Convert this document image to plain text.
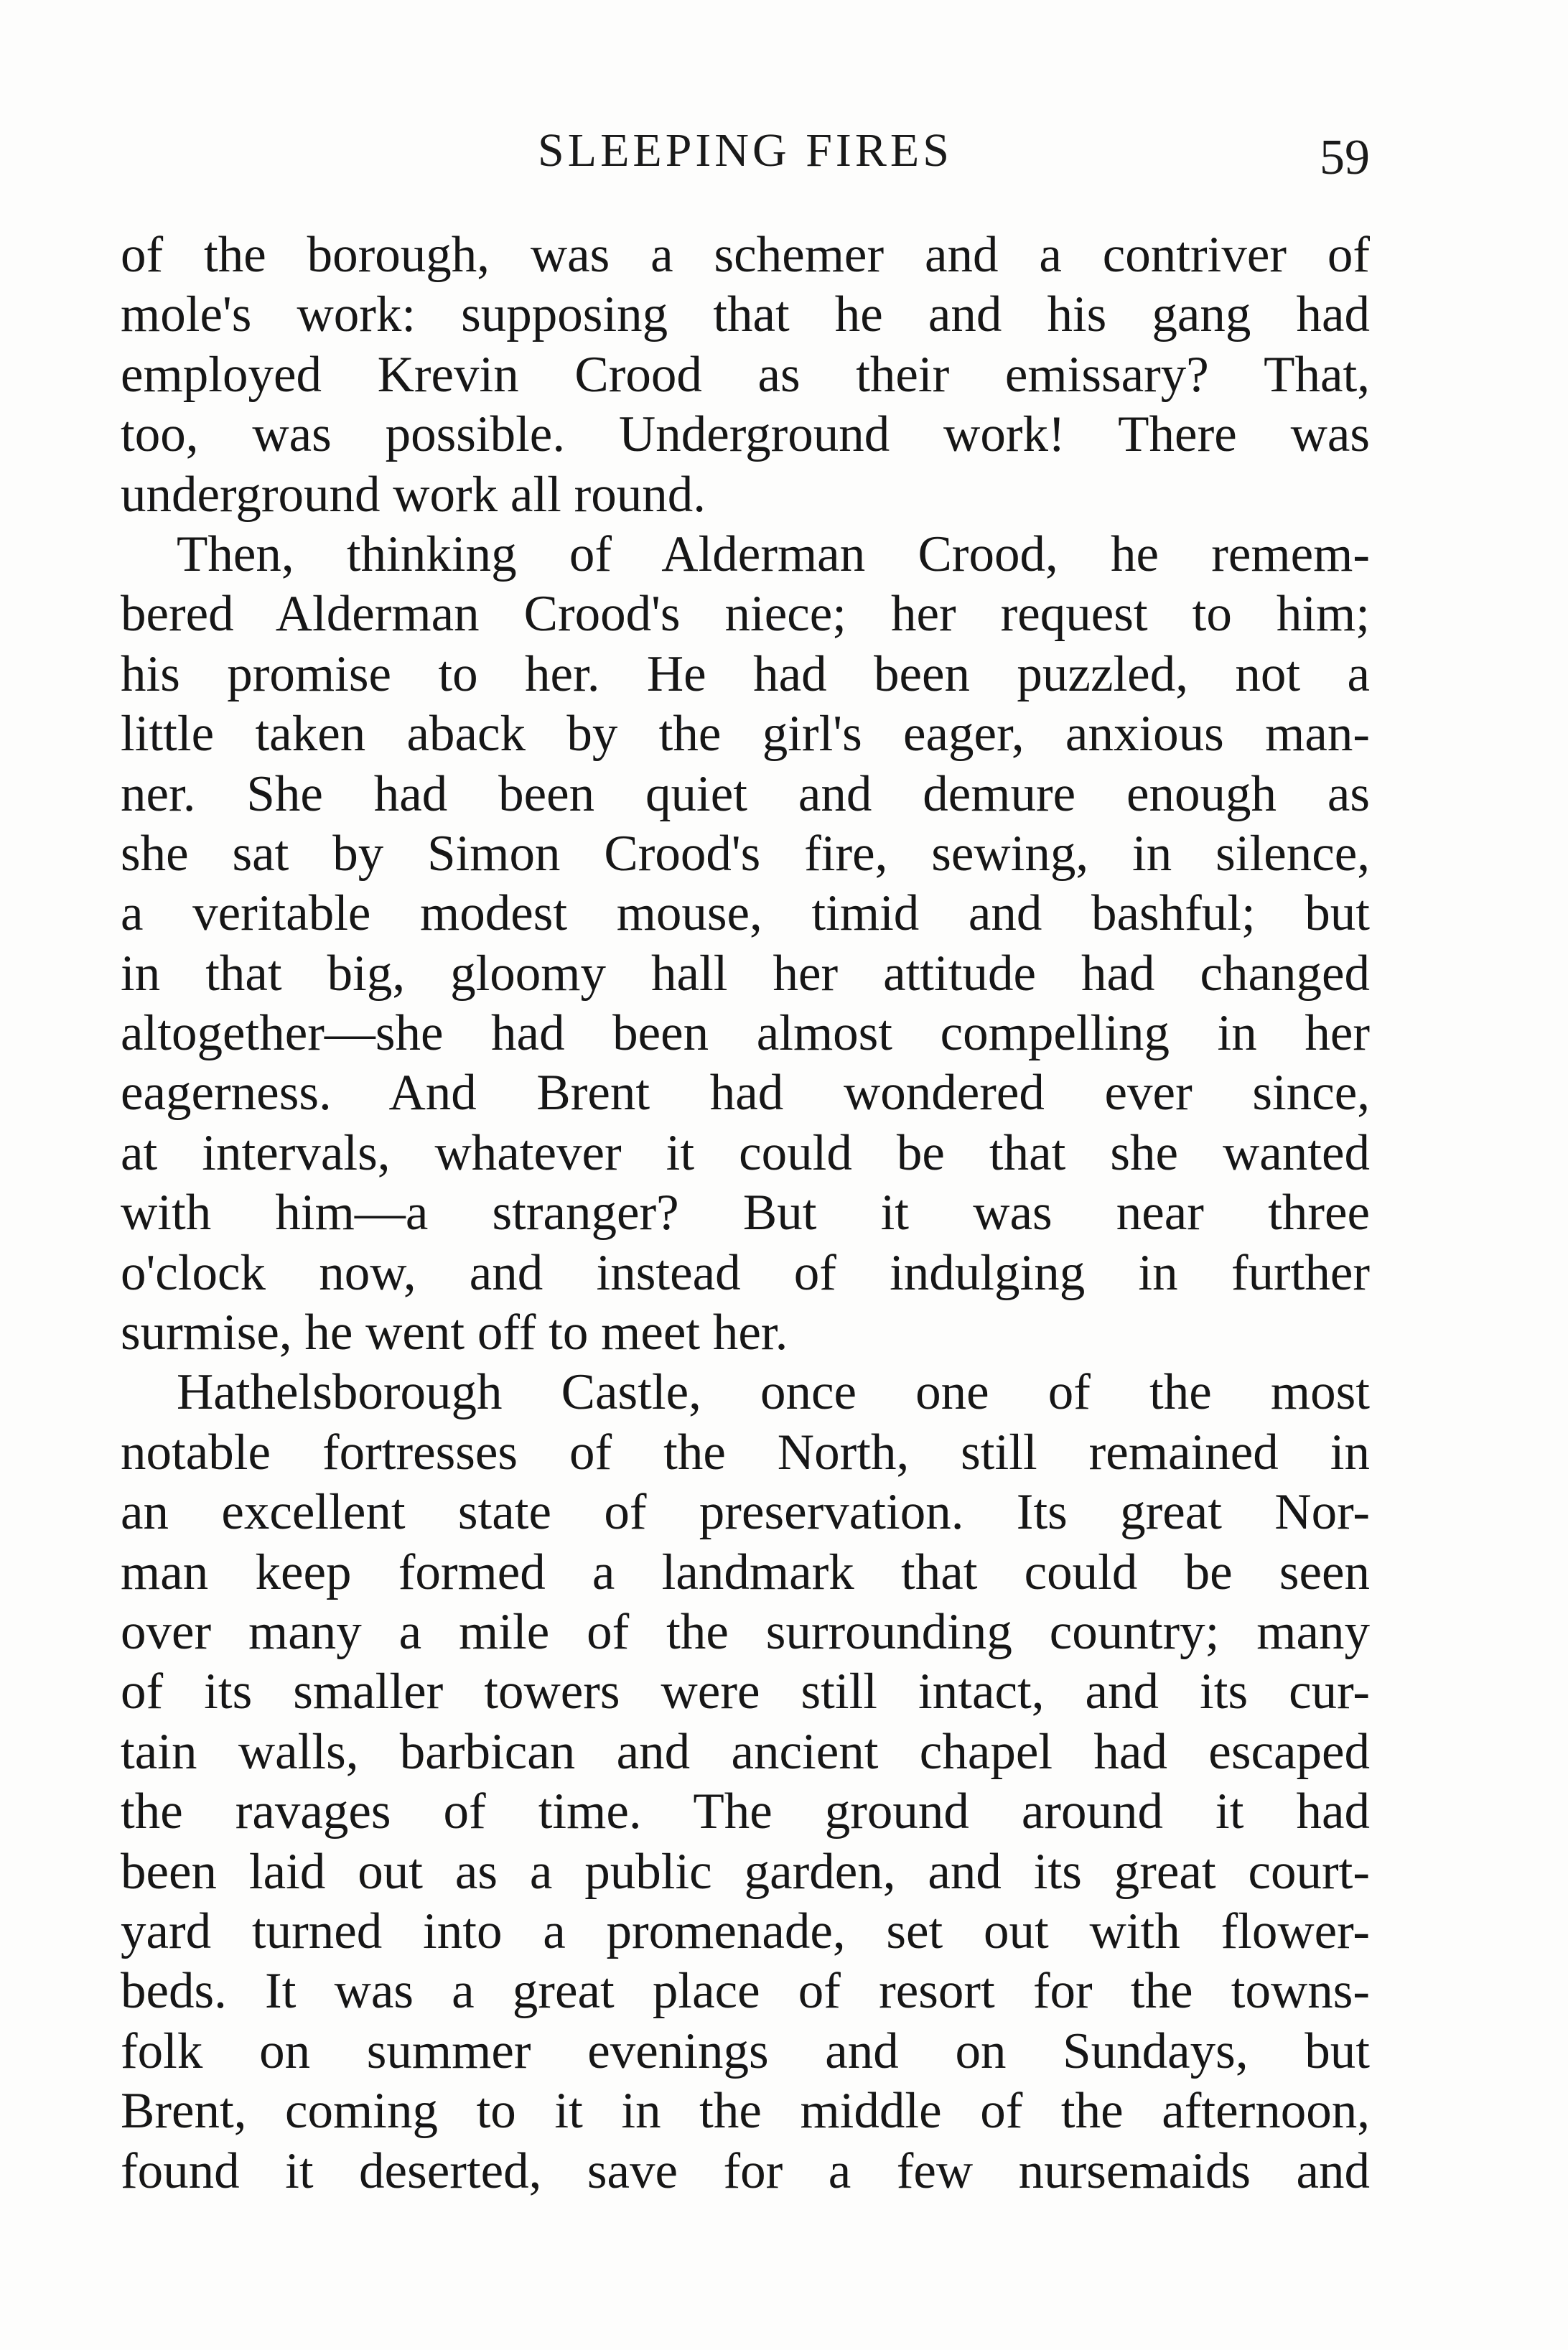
SLEEPING FIRES	59
of the borough, was a schemer and a contriver of
mole's work: supposing that he and his gang had
employed Krevin Crood as their emissary? That,
too, was possible. Underground work! There was
underground work all round.
Then, thinking of Alderman Crood, he remem-
bered Alderman Crood's niece; her request to him;
his promise to her. He had been puzzled, not a
little taken aback by the girl's eager, anxious man-
ner. She had been quiet and demure enough as
she sat by Simon Crood's fire, sewing, in silence,
a veritable modest mouse, timid and bashful; but
in that big, gloomy hall her attitude had changed
altogether—she had been almost compelling in her
eagerness. And Brent had wondered ever since,
at intervals, whatever it could be that she wanted
with him—a stranger? But it was near three
o'clock now, and instead of indulging in further
surmise, he went off to meet her.
Hathelsborough Castle, once one of the most
notable fortresses of the North, still remained in
an excellent state of preservation. Its great Nor-
man keep formed a landmark that could be seen
over many a mile of the surrounding country; many
of its smaller towers were still intact, and its cur-
tain walls, barbican and ancient chapel had escaped
the ravages of time. The ground around it had
been laid out as a public garden, and its great court-
yard turned into a promenade, set out with flower-
beds. It was a great place of resort for the towns-
folk on summer evenings and on Sundays, but
Brent, coming to it in the middle of the afternoon,
found it deserted, save for a few nursemaids and
